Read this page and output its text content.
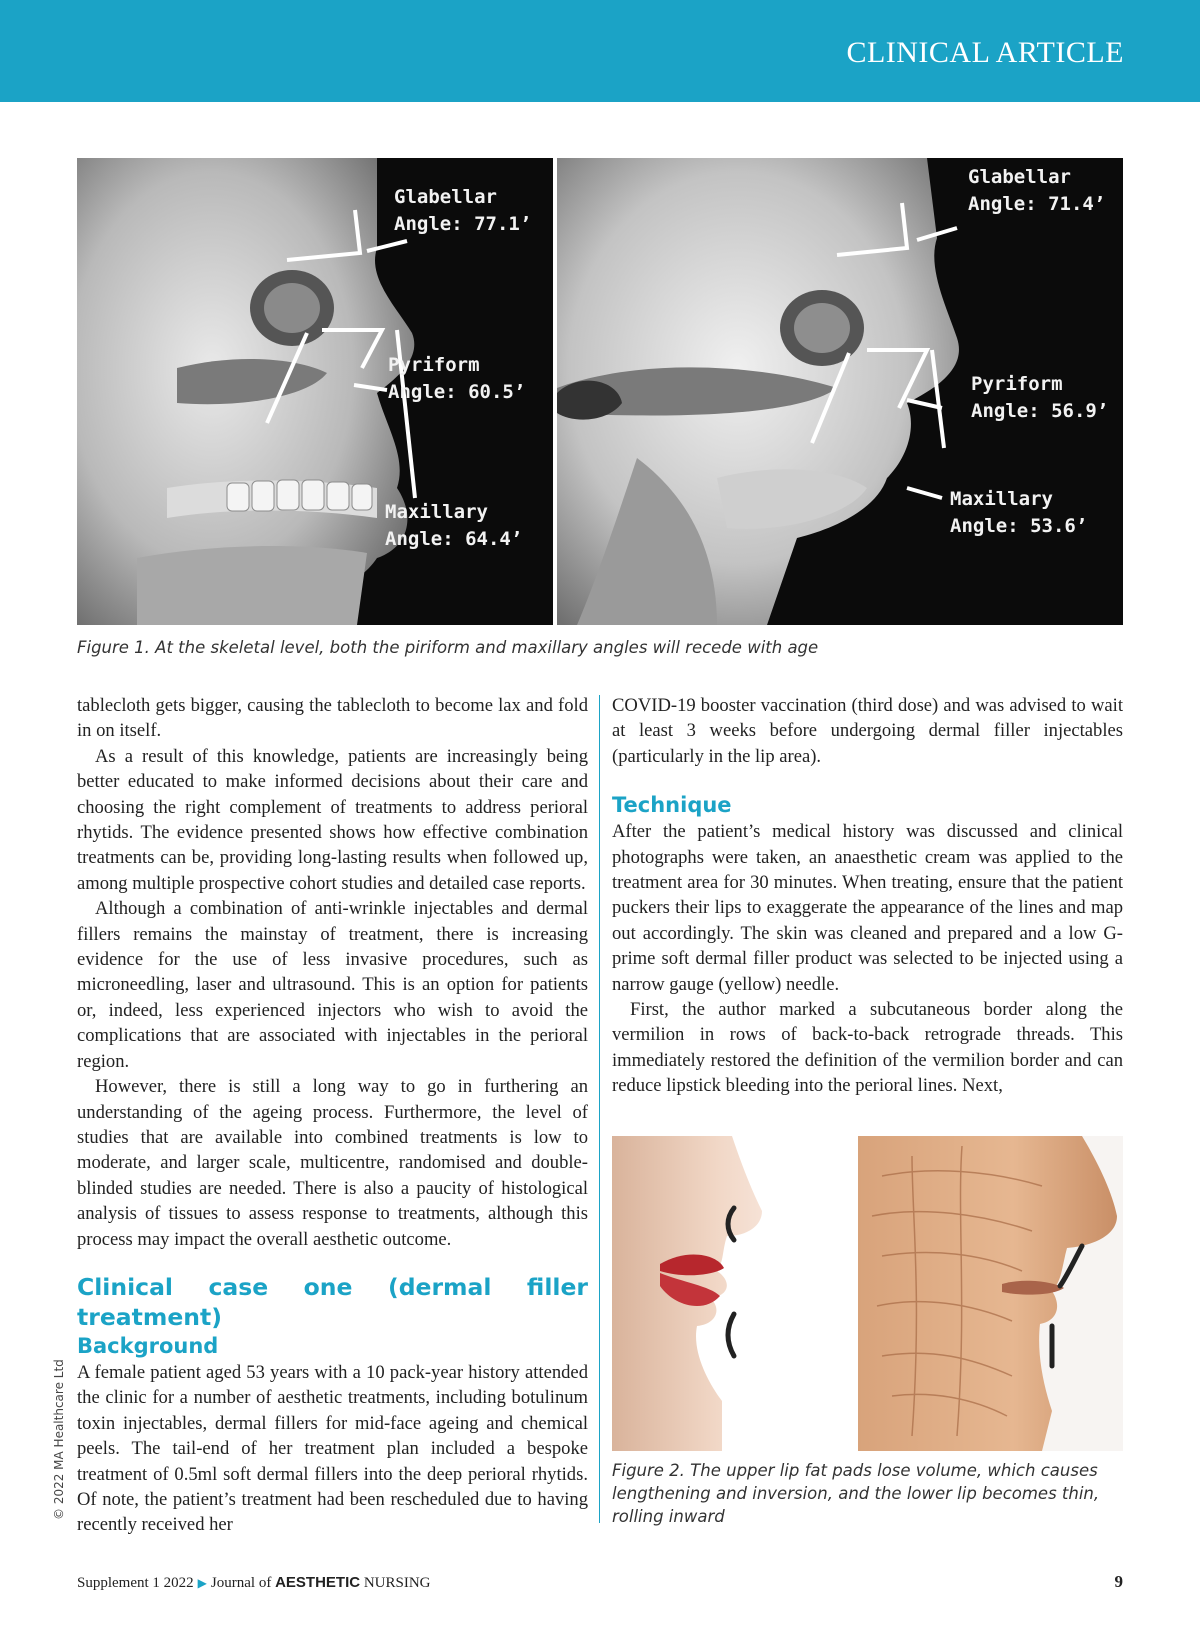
CLINICAL ARTICLE
Glabellar
Angle: 77.1’
Pyriform
Angle: 60.5’
Maxillary
Angle: 64.4’
Glabellar
Angle: 71.4’
Pyriform
Angle: 56.9’
Maxillary
Angle: 53.6’
Figure 1. At the skeletal level, both the piriform and maxillary angles will recede with age

tablecloth gets bigger, causing the tablecloth to become lax and fold in on itself.

As a result of this knowledge, patients are increasingly being better educated to make informed decisions about their care and choosing the right complement of treatments to address perioral rhytids. The evidence presented shows how effective combination treatments can be, providing long-lasting results when followed up, among multiple prospective cohort studies and detailed case reports.

Although a combination of anti-wrinkle injectables and dermal fillers remains the mainstay of treatment, there is increasing evidence for the use of less invasive procedures, such as microneedling, laser and ultrasound. This is an option for patients or, indeed, less experienced injectors who wish to avoid the complications that are associated with injectables in the perioral region.

However, there is still a long way to go in furthering an understanding of the ageing process. Furthermore, the level of studies that are available into combined treatments is low to moderate, and larger scale, multicentre, randomised and double-blinded studies are needed. There is also a paucity of histological analysis of tissues to assess response to treatments, although this process may impact the overall aesthetic outcome.

Clinical case one (dermal filler treatment)
Background

A female patient aged 53 years with a 10 pack-year history attended the clinic for a number of aesthetic treatments, including botulinum toxin injectables, dermal fillers for mid-face ageing and chemical peels. The tail-end of her treatment plan included a bespoke treatment of 0.5ml soft dermal fillers into the deep perioral rhytids. Of note, the patient’s treatment had been rescheduled due to having recently received her

COVID-19 booster vaccination (third dose) and was advised to wait at least 3 weeks before undergoing dermal filler injectables (particularly in the lip area).

Technique

After the patient’s medical history was discussed and clinical photographs were taken, an anaesthetic cream was applied to the treatment area for 30 minutes. When treating, ensure that the patient puckers their lips to exaggerate the appearance of the lines and map out accordingly. The skin was cleaned and prepared and a low G-prime soft dermal filler product was selected to be injected using a narrow gauge (yellow) needle.

First, the author marked a subcutaneous border along the vermilion in rows of back-to-back retrograde threads. This immediately restored the definition of the vermilion border and can reduce lipstick bleeding into the perioral lines. Next,

Figure 2. The upper lip fat pads lose volume, which causes lengthening and inversion, and the lower lip becomes thin, rolling inward
© 2022 MA Healthcare Ltd
Supplement 1 2022 ▶ Journal of AESTHETIC NURSING	9
